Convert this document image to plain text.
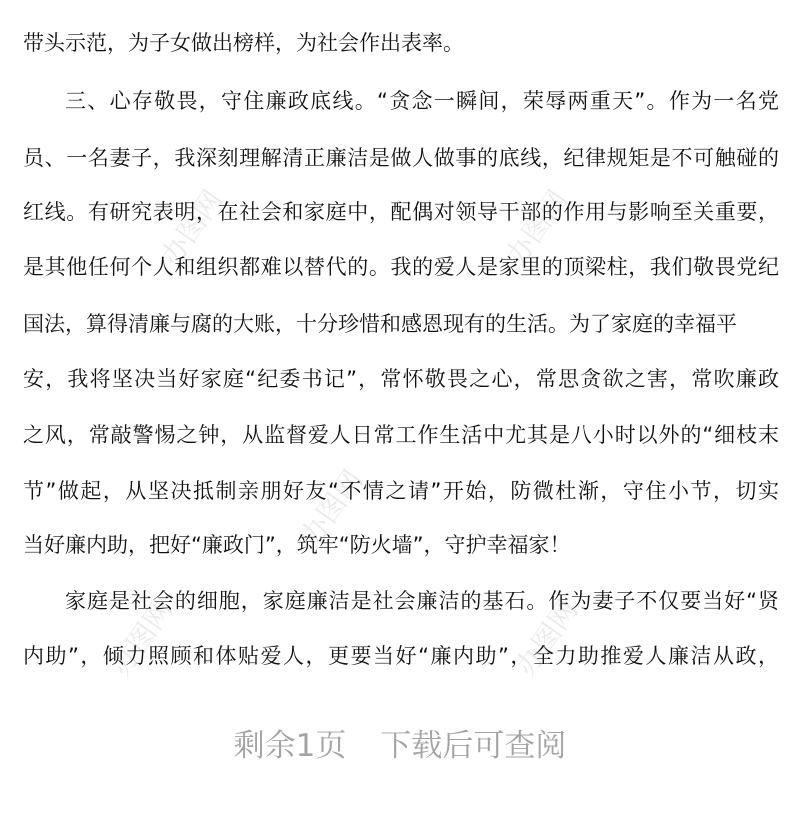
办图网	办图网
办图网
办图网	办图网
带头示范，为子女做出榜样，为社会作出表率。
三、心存敬畏，守住廉政底线。“贪念一瞬间，荣辱两重天”。作为一名党
员、一名妻子，我深刻理解清正廉洁是做人做事的底线，纪律规矩是不可触碰的
红线。有研究表明，在社会和家庭中，配偶对领导干部的作用与影响至关重要，
是其他任何个人和组织都难以替代的。我的爱人是家里的顶梁柱，我们敬畏党纪
国法，算得清廉与腐的大账，十分珍惜和感恩现有的生活。为了家庭的幸福平
安，我将坚决当好家庭“纪委书记”，常怀敬畏之心，常思贪欲之害，常吹廉政
之风，常敲警惕之钟，从监督爱人日常工作生活中尤其是八小时以外的“细枝末
节”做起，从坚决抵制亲朋好友“不情之请”开始，防微杜渐，守住小节，切实
当好廉内助，把好“廉政门”，筑牢“防火墙”，守护幸福家！
家庭是社会的细胞，家庭廉洁是社会廉洁的基石。作为妻子不仅要当好“贤
内助”，倾力照顾和体贴爱人，更要当好“廉内助”，全力助推爱人廉洁从政，
剩余1页 下载后可查阅
